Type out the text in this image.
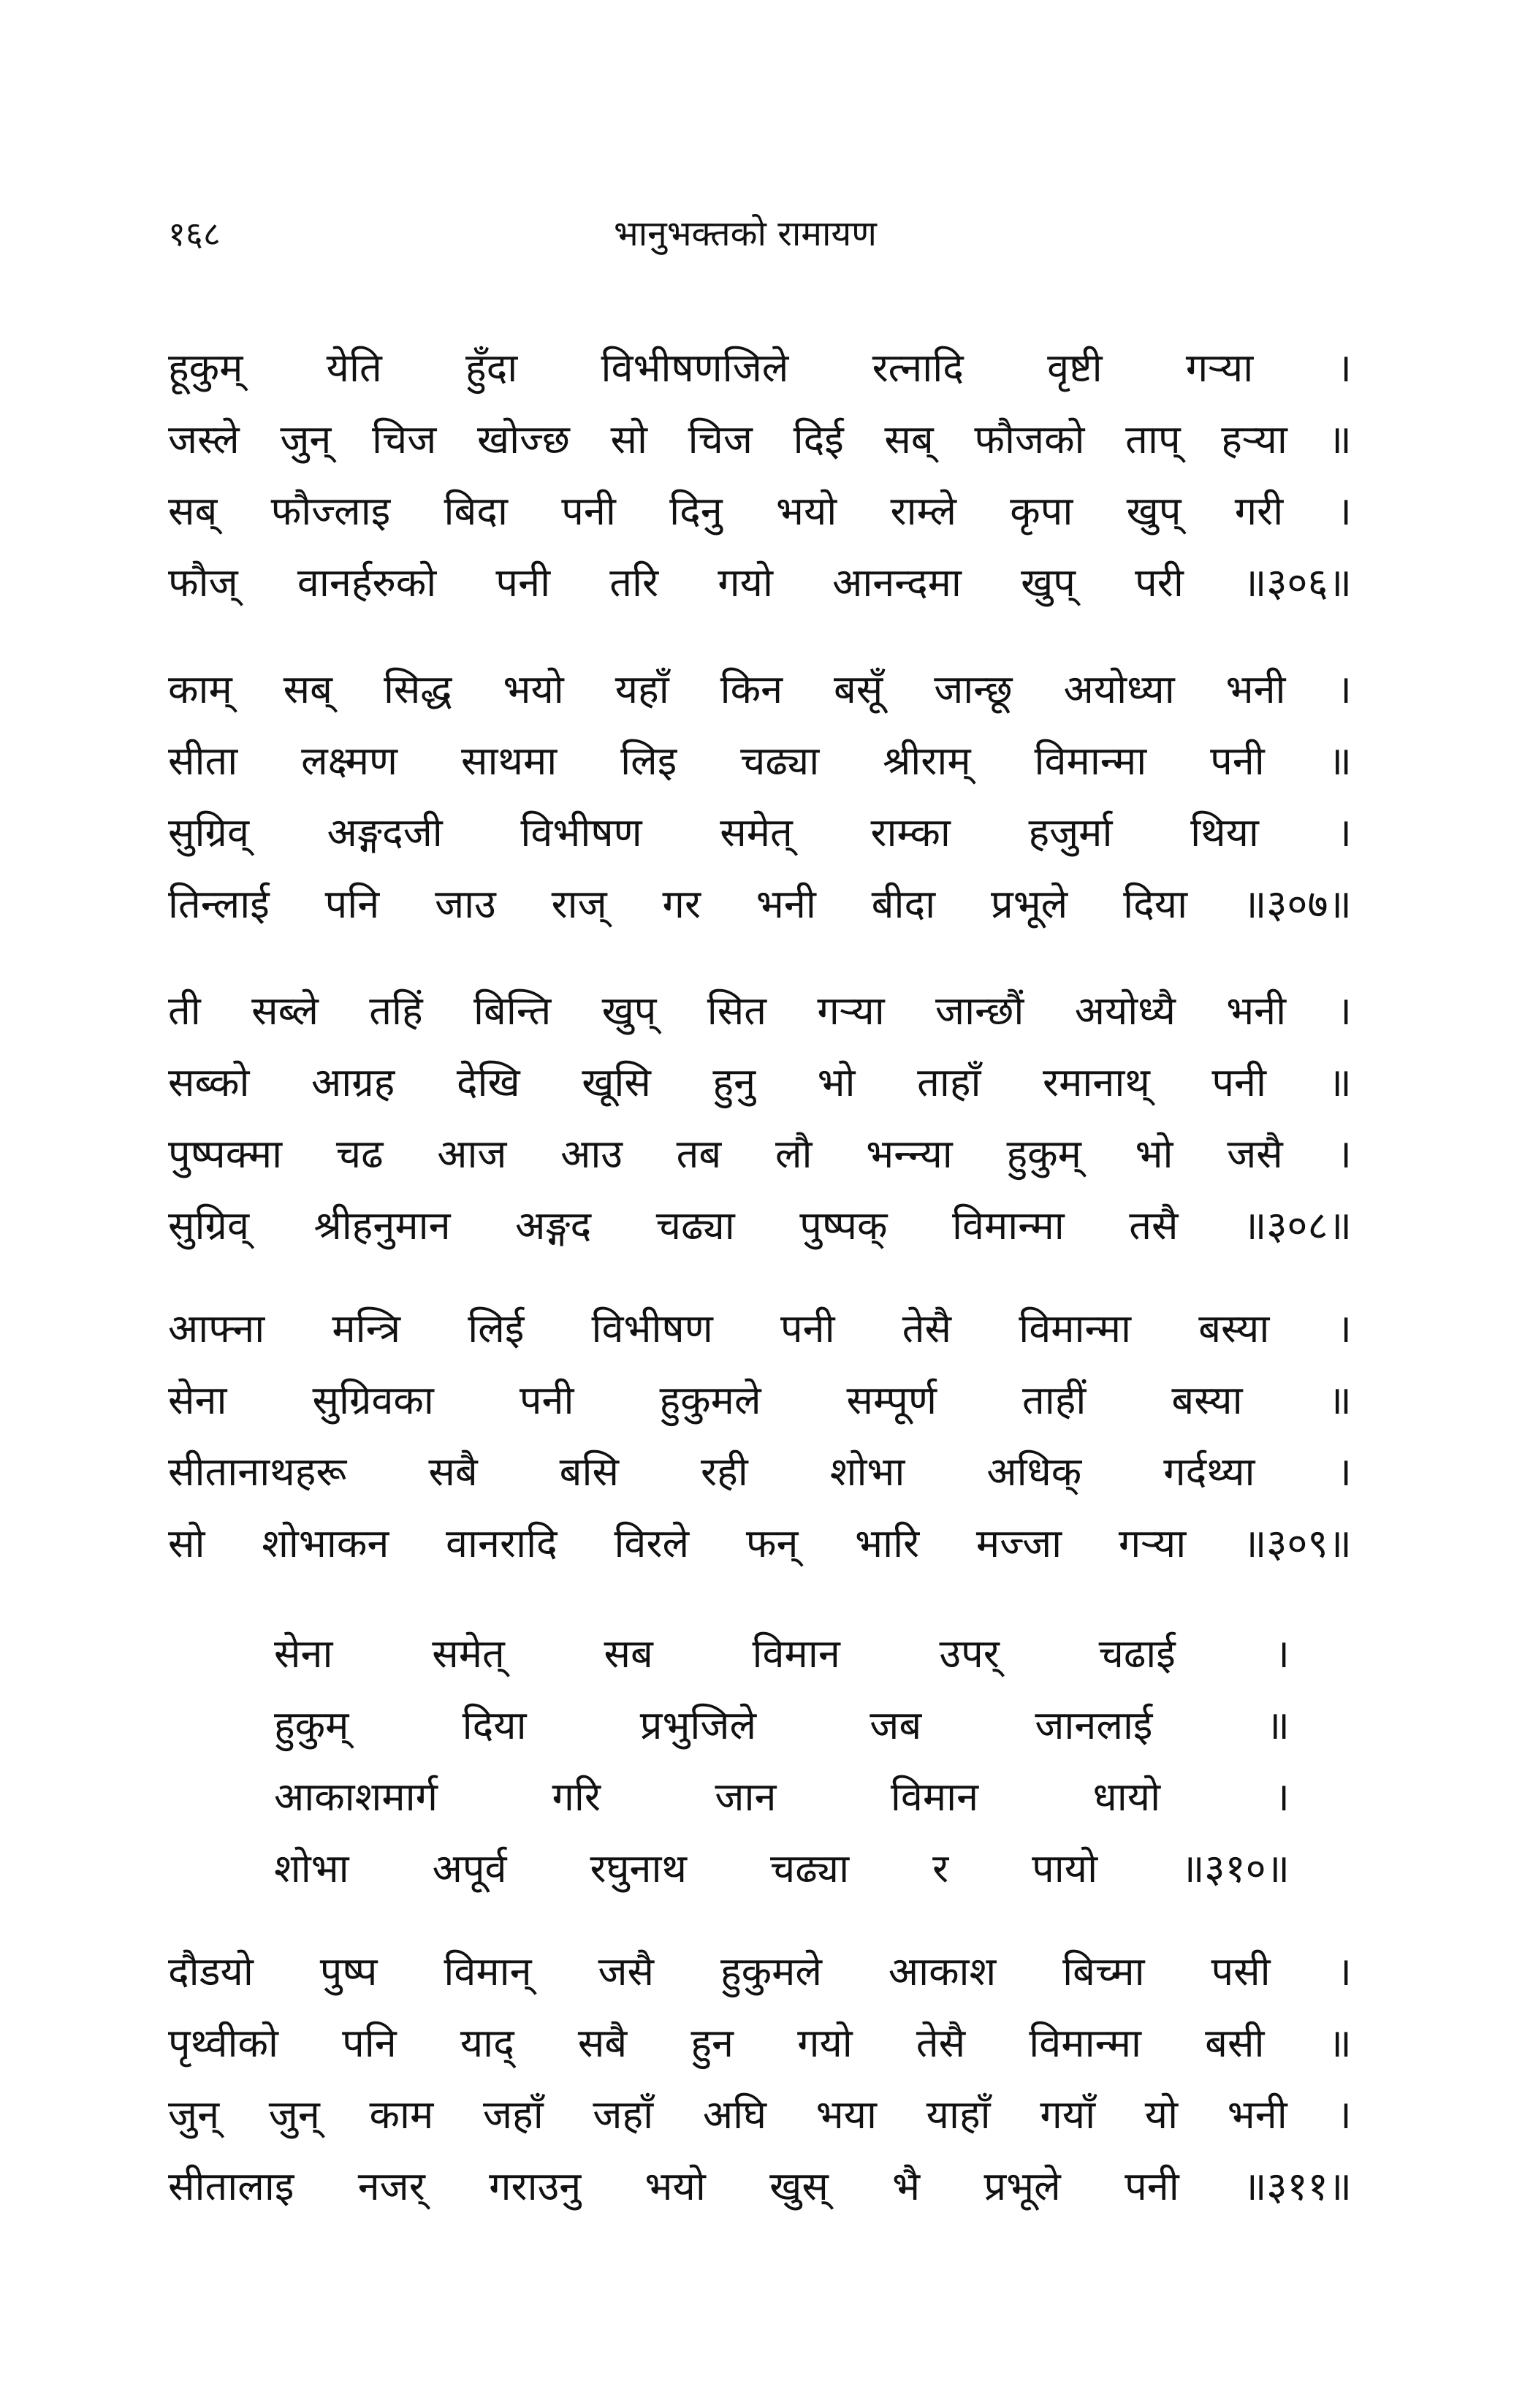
१६८	भानुभक्तको रामायण
हूकुम् येति हुँदा विभीषणजिले रत्नादि वृष्टी गऱ्या ।
जस्ले जुन् चिज खोज्छ सो चिज दिई सब् फौजको ताप् हऱ्या ॥
सब् फौज्लाइ बिदा पनी दिनु भयो राम्ले कृपा खुप् गरी ।
फौज् वानर्हरुको पनी तरि गयो आनन्दमा खुप् परी ॥३०६॥
काम् सब् सिद्ध भयो यहाँ किन बसूँ जान्छू अयोध्या भनी ।
सीता लक्ष्मण साथमा लिइ चढ्या श्रीराम् विमान्मा पनी ॥
सुग्रिव् अङ्गदजी विभीषण समेत् राम्का हजुर्मा थिया ।
तिन्लाई पनि जाउ राज् गर भनी बीदा प्रभूले दिया ॥३०७॥
ती सब्ले तहिं बिन्ति खुप् सित गऱ्या जान्छौं अयोध्यै भनी ।
सब्को आग्रह देखि खूसि हुनु भो ताहाँ रमानाथ् पनी ॥
पुष्पक्मा चढ आज आउ तब लौ भन्न्या हुकुम् भो जसै ।
सुग्रिव् श्रीहनुमान अङ्गद चढ्या पुष्पक् विमान्मा तसै ॥३०८॥
आफ्ना मन्त्रि लिई विभीषण पनी तेसै विमान्मा बस्या ।
सेना सुग्रिवका पनी हुकुमले सम्पूर्ण ताहीं बस्या ॥
सीतानाथहरू सबै बसि रही शोभा अधिक् गर्दथ्या ।
सो शोभाकन वानरादि विरले फन् भारि मज्जा गऱ्या ॥३०९॥
सेना	समेत्	सब	विमान	उपर्	चढाई	।
हुकुम्	दिया	प्रभुजिले	जब	जानलाई	॥
आकाशमार्ग	गरि	जान	विमान	धायो	।
शोभा अपूर्व रघुनाथ चढ्या र पायो ॥३१०॥
दौडयो पुष्प विमान् जसै हुकुमले आकाश बिच्मा पसी ।
पृथ्वीको पनि याद् सबै हुन गयो तेसै विमान्मा बसी ॥
जुन् जुन् काम जहाँ जहाँ अघि भया याहाँ गयाँ यो भनी ।
सीतालाइ नजर् गराउनु भयो खुस् भै प्रभूले पनी ॥३११॥
